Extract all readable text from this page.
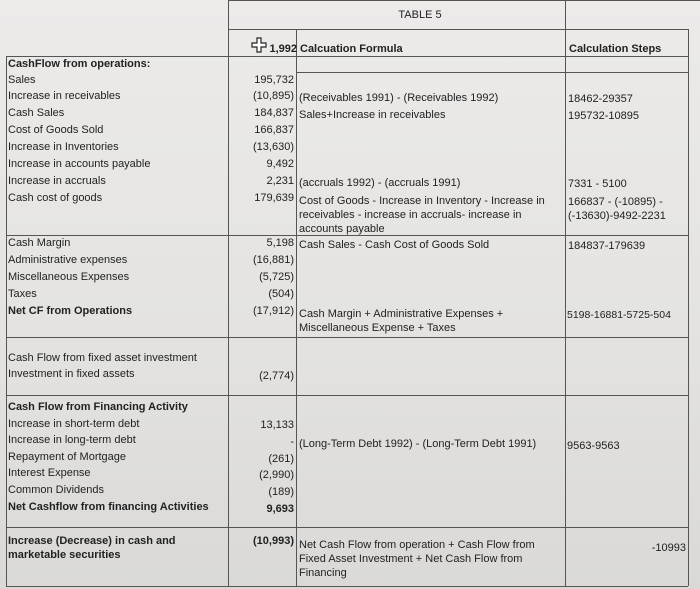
TABLE 5
1,992 Calcuation Formula	Calculation Steps
CashFlow from operations:
Sales
Increase in receivables
Cash Sales
Cost of Goods Sold
Increase in Inventories
Increase in accounts payable
Increase in accruals
Cash cost of goods
Cash Margin
Administrative expenses
Miscellaneous Expenses
Taxes
Net CF from Operations
Cash Flow from fixed asset investment
Investment in fixed assets
Cash Flow from Financing Activity
Increase in short-term debt
Increase in long-term debt
Repayment of Mortgage
Interest Expense
Common Dividends
Net Cashflow from financing Activities
Increase (Decrease) in cash and marketable securities
195,732
(10,895)
184,837
166,837
(13,630)
9,492
2,231
179,639
5,198
(16,881)
(5,725)
(504)
(17,912)
(2,774)
13,133
-
(261)
(2,990)
(189)
9,693
(10,993)
(Receivables 1991) - (Receivables 1992)
Sales+Increase in receivables
(accruals 1992) - (accruals 1991)
Cost of Goods - Increase in Inventory - Increase in receivables - increase in accruals- increase in accounts payable
Cash Sales - Cash Cost of Goods Sold
Cash Margin + Administrative Expenses + Miscellaneous Expense + Taxes
(Long-Term Debt 1992) - (Long-Term Debt 1991)
Net Cash Flow from operation + Cash Flow from Fixed Asset Investment + Net Cash Flow from Financing
18462-29357
195732-10895
7331 - 5100
166837 - (-10895) - (-13630)-9492-2231
184837-179639
5198-16881-5725-504
9563-9563
-10993
